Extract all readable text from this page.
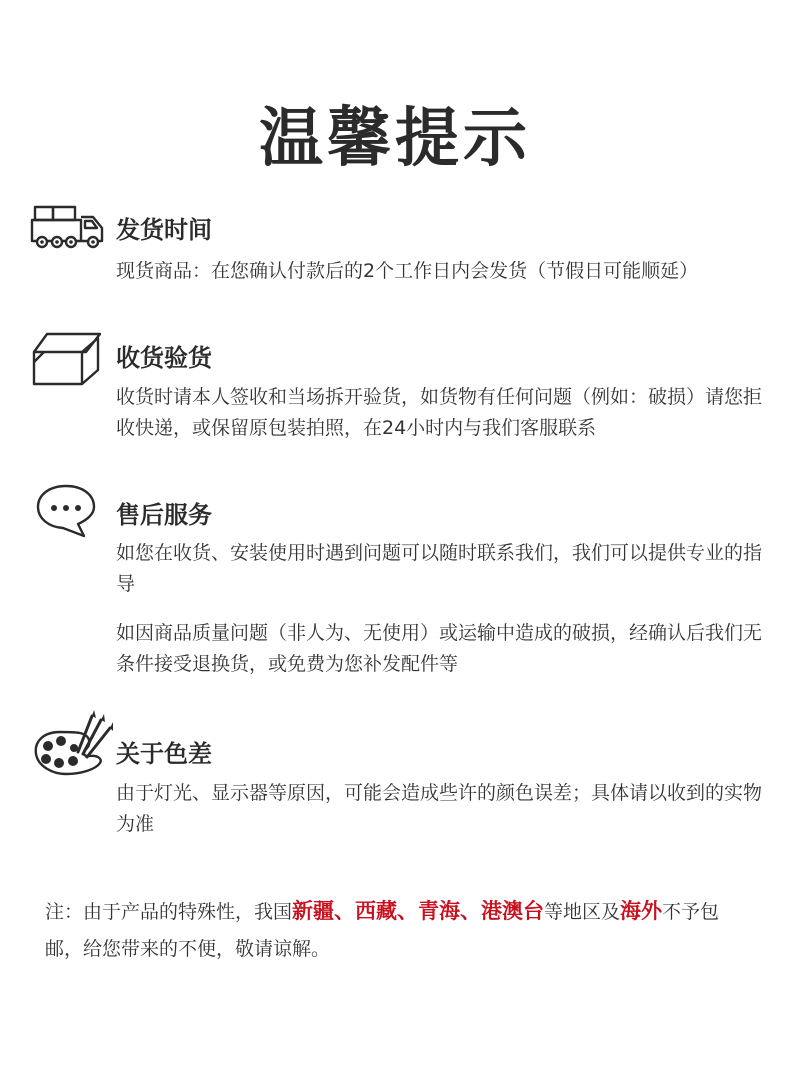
温馨提示
发货时间

现货商品：在您确认付款后的2个工作日内会发货（节假日可能顺延）

收货验货

收货时请本人签收和当场拆开验货，如货物有任何问题（例如：破损）请您拒收快递，或保留原包装拍照，在24小时内与我们客服联系

售后服务

如您在收货、安装使用时遇到问题可以随时联系我们，我们可以提供专业的指导

如因商品质量问题（非人为、无使用）或运输中造成的破损，经确认后我们无条件接受退换货，或免费为您补发配件等

关于色差

由于灯光、显示器等原因，可能会造成些许的颜色误差；具体请以收到的实物为准

注：由于产品的特殊性，我国新疆、西藏、青海、港澳台等地区及海外不予包邮，给您带来的不便，敬请谅解。
